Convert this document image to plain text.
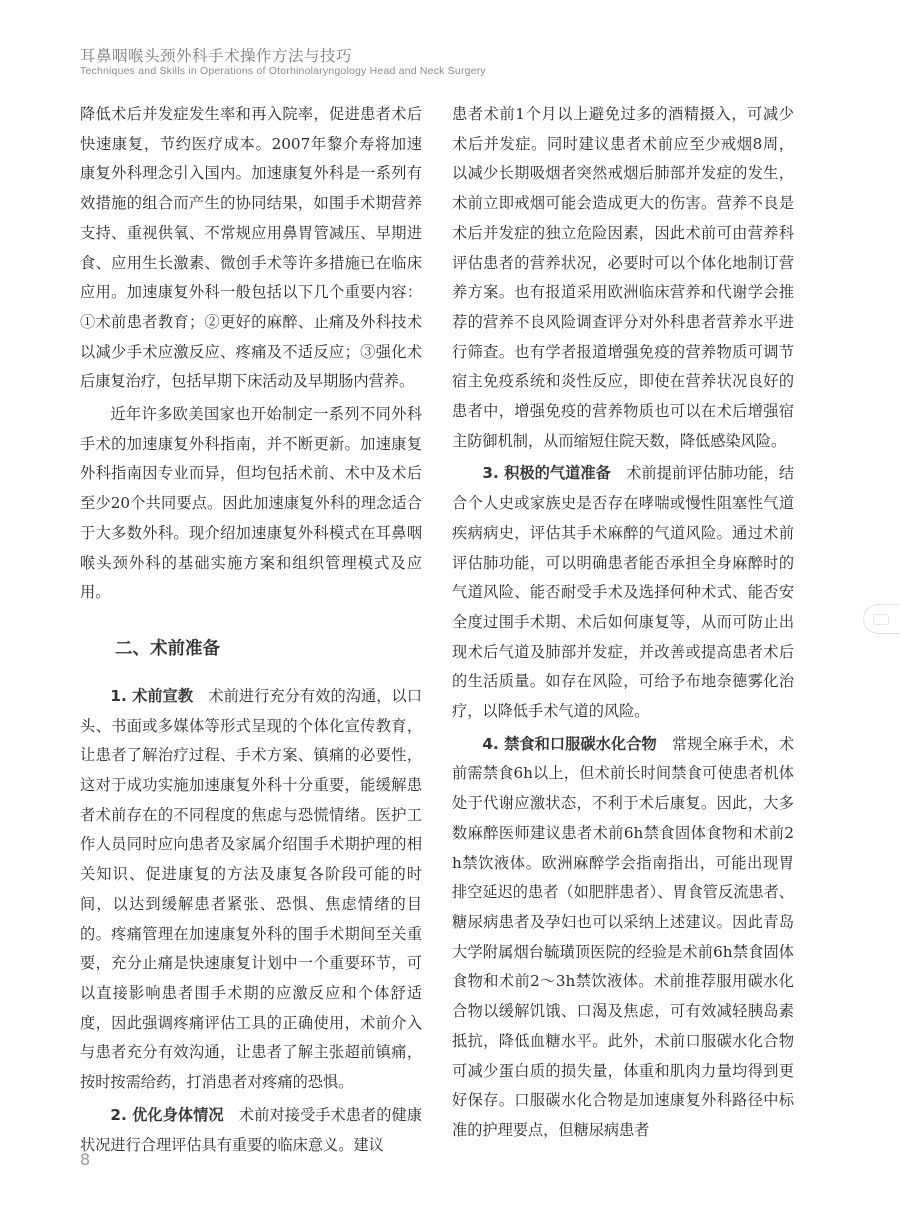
耳鼻咽喉头颈外科手术操作方法与技巧
Techniques and Skills in Operations of Otorhinolaryngology Head and Neck Surgery

降低术后并发症发生率和再入院率，促进患者术后快速康复，节约医疗成本。2007年黎介寿将加速康复外科理念引入国内。加速康复外科是一系列有效措施的组合而产生的协同结果，如围手术期营养支持、重视供氧、不常规应用鼻胃管减压、早期进食、应用生长激素、微创手术等许多措施已在临床应用。加速康复外科一般包括以下几个重要内容：①术前患者教育；②更好的麻醉、止痛及外科技术以减少手术应激反应、疼痛及不适反应；③强化术后康复治疗，包括早期下床活动及早期肠内营养。

近年许多欧美国家也开始制定一系列不同外科手术的加速康复外科指南，并不断更新。加速康复外科指南因专业而异，但均包括术前、术中及术后至少20个共同要点。因此加速康复外科的理念适合于大多数外科。现介绍加速康复外科模式在耳鼻咽喉头颈外科的基础实施方案和组织管理模式及应用。

二、术前准备

1. 术前宣教  术前进行充分有效的沟通，以口头、书面或多媒体等形式呈现的个体化宣传教育，让患者了解治疗过程、手术方案、镇痛的必要性，这对于成功实施加速康复外科十分重要，能缓解患者术前存在的不同程度的焦虑与恐慌情绪。医护工作人员同时应向患者及家属介绍围手术期护理的相关知识、促进康复的方法及康复各阶段可能的时间，以达到缓解患者紧张、恐惧、焦虑情绪的目的。疼痛管理在加速康复外科的围手术期间至关重要，充分止痛是快速康复计划中一个重要环节，可以直接影响患者围手术期的应激反应和个体舒适度，因此强调疼痛评估工具的正确使用，术前介入与患者充分有效沟通，让患者了解主张超前镇痛，按时按需给药，打消患者对疼痛的恐惧。

2. 优化身体情况  术前对接受手术患者的健康状况进行合理评估具有重要的临床意义。建议

患者术前1个月以上避免过多的酒精摄入，可减少术后并发症。同时建议患者术前应至少戒烟8周，以减少长期吸烟者突然戒烟后肺部并发症的发生，术前立即戒烟可能会造成更大的伤害。营养不良是术后并发症的独立危险因素，因此术前可由营养科评估患者的营养状况，必要时可以个体化地制订营养方案。也有报道采用欧洲临床营养和代谢学会推荐的营养不良风险调查评分对外科患者营养水平进行筛查。也有学者报道增强免疫的营养物质可调节宿主免疫系统和炎性反应，即使在营养状况良好的患者中，增强免疫的营养物质也可以在术后增强宿主防御机制，从而缩短住院天数，降低感染风险。

3. 积极的气道准备  术前提前评估肺功能，结合个人史或家族史是否存在哮喘或慢性阻塞性气道疾病病史，评估其手术麻醉的气道风险。通过术前评估肺功能，可以明确患者能否承担全身麻醉时的气道风险、能否耐受手术及选择何种术式、能否安全度过围手术期、术后如何康复等，从而可防止出现术后气道及肺部并发症，并改善或提高患者术后的生活质量。如存在风险，可给予布地奈德雾化治疗，以降低手术气道的风险。

4. 禁食和口服碳水化合物  常规全麻手术，术前需禁食6h以上，但术前长时间禁食可使患者机体处于代谢应激状态，不利于术后康复。因此，大多数麻醉医师建议患者术前6h禁食固体食物和术前2h禁饮液体。欧洲麻醉学会指南指出，可能出现胃排空延迟的患者（如肥胖患者）、胃食管反流患者、糖尿病患者及孕妇也可以采纳上述建议。因此青岛大学附属烟台毓璜顶医院的经验是术前6h禁食固体食物和术前2～3h禁饮液体。术前推荐服用碳水化合物以缓解饥饿、口渴及焦虑，可有效减轻胰岛素抵抗，降低血糖水平。此外，术前口服碳水化合物可减少蛋白质的损失量，体重和肌肉力量均得到更好保存。口服碳水化合物是加速康复外科路径中标准的护理要点，但糖尿病患者

8
